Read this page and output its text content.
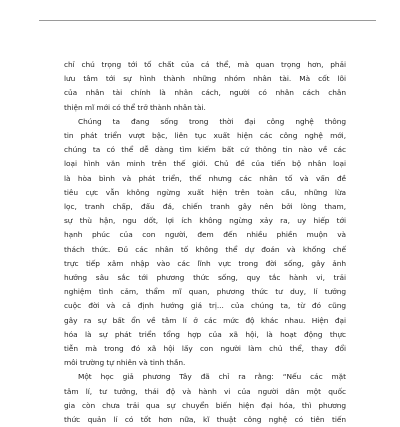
chỉ chú trọng tới tố chất của cá thể, mà quan trọng hơn, phải
lưu tâm tới sự hình thành những nhóm nhân tài. Mà cốt lõi
của nhân tài chính là nhân cách, người có nhân cách chân
thiện mĩ mới có thể trở thành nhân tài.
Chúng ta đang sống trong thời đại công nghệ thông
tin phát triển vượt bậc, liên tục xuất hiện các công nghệ mới,
chúng ta có thể dễ dàng tìm kiếm bất cứ thông tin nào về các
loại hình văn minh trên thế giới. Chủ đề của tiến bộ nhân loại
là hòa bình và phát triển, thế nhưng các nhân tố và vấn đề
tiêu cực vẫn không ngừng xuất hiện trên toàn cầu, những lừa
lọc, tranh chấp, đấu đá, chiến tranh gây nên bởi lòng tham,
sự thù hận, ngu dốt, lợi ích không ngừng xảy ra, uy hiếp tới
hạnh phúc của con người, đem đến nhiều phiền muộn và
thách thức. Đủ các nhân tố không thể dự đoán và khống chế
trực tiếp xâm nhập vào các lĩnh vực trong đời sống, gây ảnh
hưởng sâu sắc tới phương thức sống, quy tắc hành vi, trải
nghiệm tình cảm, thẩm mĩ quan, phương thức tư duy, lí tưởng
cuộc đời và cả định hướng giá trị... của chúng ta, từ đó cũng
gây ra sự bất ổn về tâm lí ở các mức độ khác nhau. Hiện đại
hóa là sự phát triển tổng hợp của xã hội, là hoạt động thực
tiễn mà trong đó xã hội lấy con người làm chủ thể, thay đổi
môi trường tự nhiên và tinh thần.
Một học giả phương Tây đã chỉ ra rằng: “Nếu các mặt
tâm lí, tư tưởng, thái độ và hành vi của người dân một quốc
gia còn chưa trải qua sự chuyển biến hiện đại hóa, thì phương
thức quản lí có tốt hơn nữa, kĩ thuật công nghệ có tiên tiến
